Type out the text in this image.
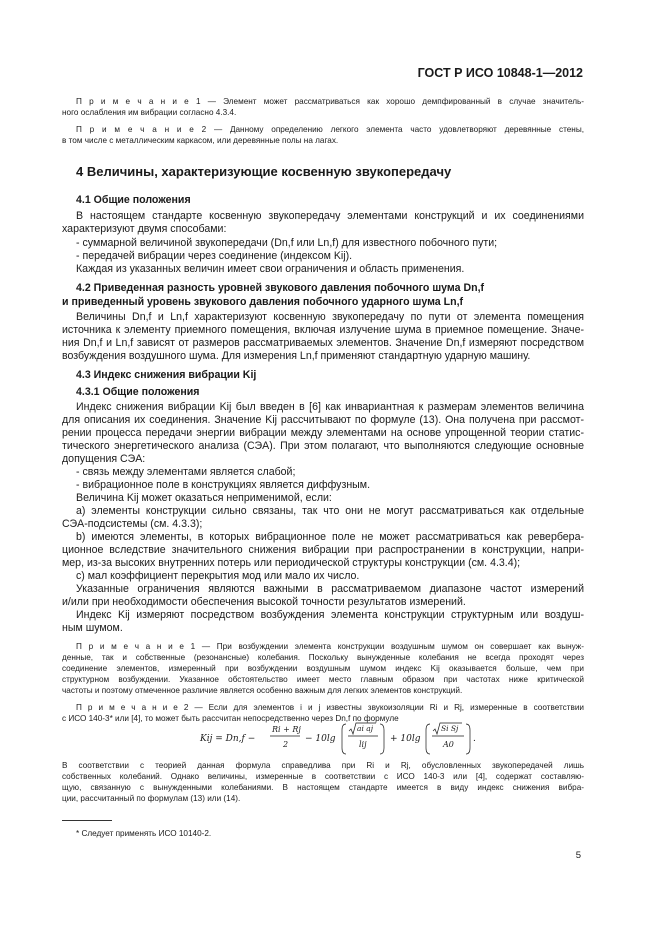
ГОСТ Р ИСО 10848-1—2012
П р и м е ч а н и е 1 — Элемент может рассматриваться как хорошо демпфированный в случае значитель-
ного ослабления им вибрации согласно 4.3.4.
П р и м е ч а н и е 2 — Данному определению легкого элемента часто удовлетворяют деревянные стены,
в том числе с металлическим каркасом, или деревянные полы на лагах.
4 Величины, характеризующие косвенную звукопередачу
4.1 Общие положения
В настоящем стандарте косвенную звукопередачу элементами конструкций и их соединениями
характеризуют двумя способами:
- суммарной величиной звукопередачи (Dn,f или Ln,f) для известного побочного пути;
- передачей вибрации через соединение (индексом Kij).
Каждая из указанных величин имеет свои ограничения и область применения.
4.2 Приведенная разность уровней звукового давления побочного шума Dn,f
и приведенный уровень звукового давления побочного ударного шума Ln,f
Величины Dn,f и Ln,f характеризуют косвенную звукопередачу по пути от элемента помещения
источника к элементу приемного помещения, включая излучение шума в приемное помещение. Значе-
ния Dn,f и Ln,f зависят от размеров рассматриваемых элементов. Значение Dn,f измеряют посредством
возбуждения воздушного шума. Для измерения Ln,f применяют стандартную ударную машину.
4.3 Индекс снижения вибрации Kij
4.3.1 Общие положения
Индекс снижения вибрации Kij был введен в [6] как инвариантная к размерам элементов величина
для описания их соединения. Значение Kij рассчитывают по формуле (13). Она получена при рассмот-
рении процесса передачи энергии вибрации между элементами на основе упрощенной теории статис-
тического энергетического анализа (СЭА). При этом полагают, что выполняются следующие основные
допущения СЭА:
- связь между элементами является слабой;
- вибрационное поле в конструкциях является диффузным.
Величина Kij может оказаться неприменимой, если:
а) элементы конструкции сильно связаны, так что они не могут рассматриваться как отдельные
СЭА-подсистемы (см. 4.3.3);
b) имеются элементы, в которых вибрационное поле не может рассматриваться как ревербера-
ционное вследствие значительного снижения вибрации при распространении в конструкции, напри-
мер, из-за высоких внутренних потерь или периодической структуры конструкции (см. 4.3.4);
с) мал коэффициент перекрытия мод или мало их число.
Указанные ограничения являются важными в рассматриваемом диапазоне частот измерений
и/или при необходимости обеспечения высокой точности результатов измерений.
Индекс Kij измеряют посредством возбуждения элемента конструкции структурным или воздуш-
ным шумом.
П р и м е ч а н и е 1 — При возбуждении элемента конструкции воздушным шумом он совершает как вынуж-
денные, так и собственные (резонансные) колебания. Поскольку вынужденные колебания не всегда проходят через
соединение элементов, измеренный при возбуждении воздушным шумом индекс Kij оказывается больше, чем при
структурном возбуждении. Указанное обстоятельство имеет место главным образом при частотах ниже критической
частоты и поэтому отмеченное различие является особенно важным для легких элементов конструкций.
П р и м е ч а н и е 2 — Если для элементов i и j известны звукоизоляции Ri и Rj, измеренные в соответствии
с ИСО 140-3* или [4], то может быть рассчитан непосредственно через Dn,f по формуле
Kij = Dn,f −
Ri + Rj
2
− 10lg
ai aj
lij
+ 10lg
Si Sj
A0
.
В соответствии с теорией данная формула справедлива при Ri и Rj, обусловленных звукопередачей лишь
собственных колебаний. Однако величины, измеренные в соответствии с ИСО 140-3 или [4], содержат составляю-
щую, связанную с вынужденными колебаниями. В настоящем стандарте имеется в виду индекс снижения вибра-
ции, рассчитанный по формулам (13) или (14).
* Следует применять ИСО 10140-2.
5
